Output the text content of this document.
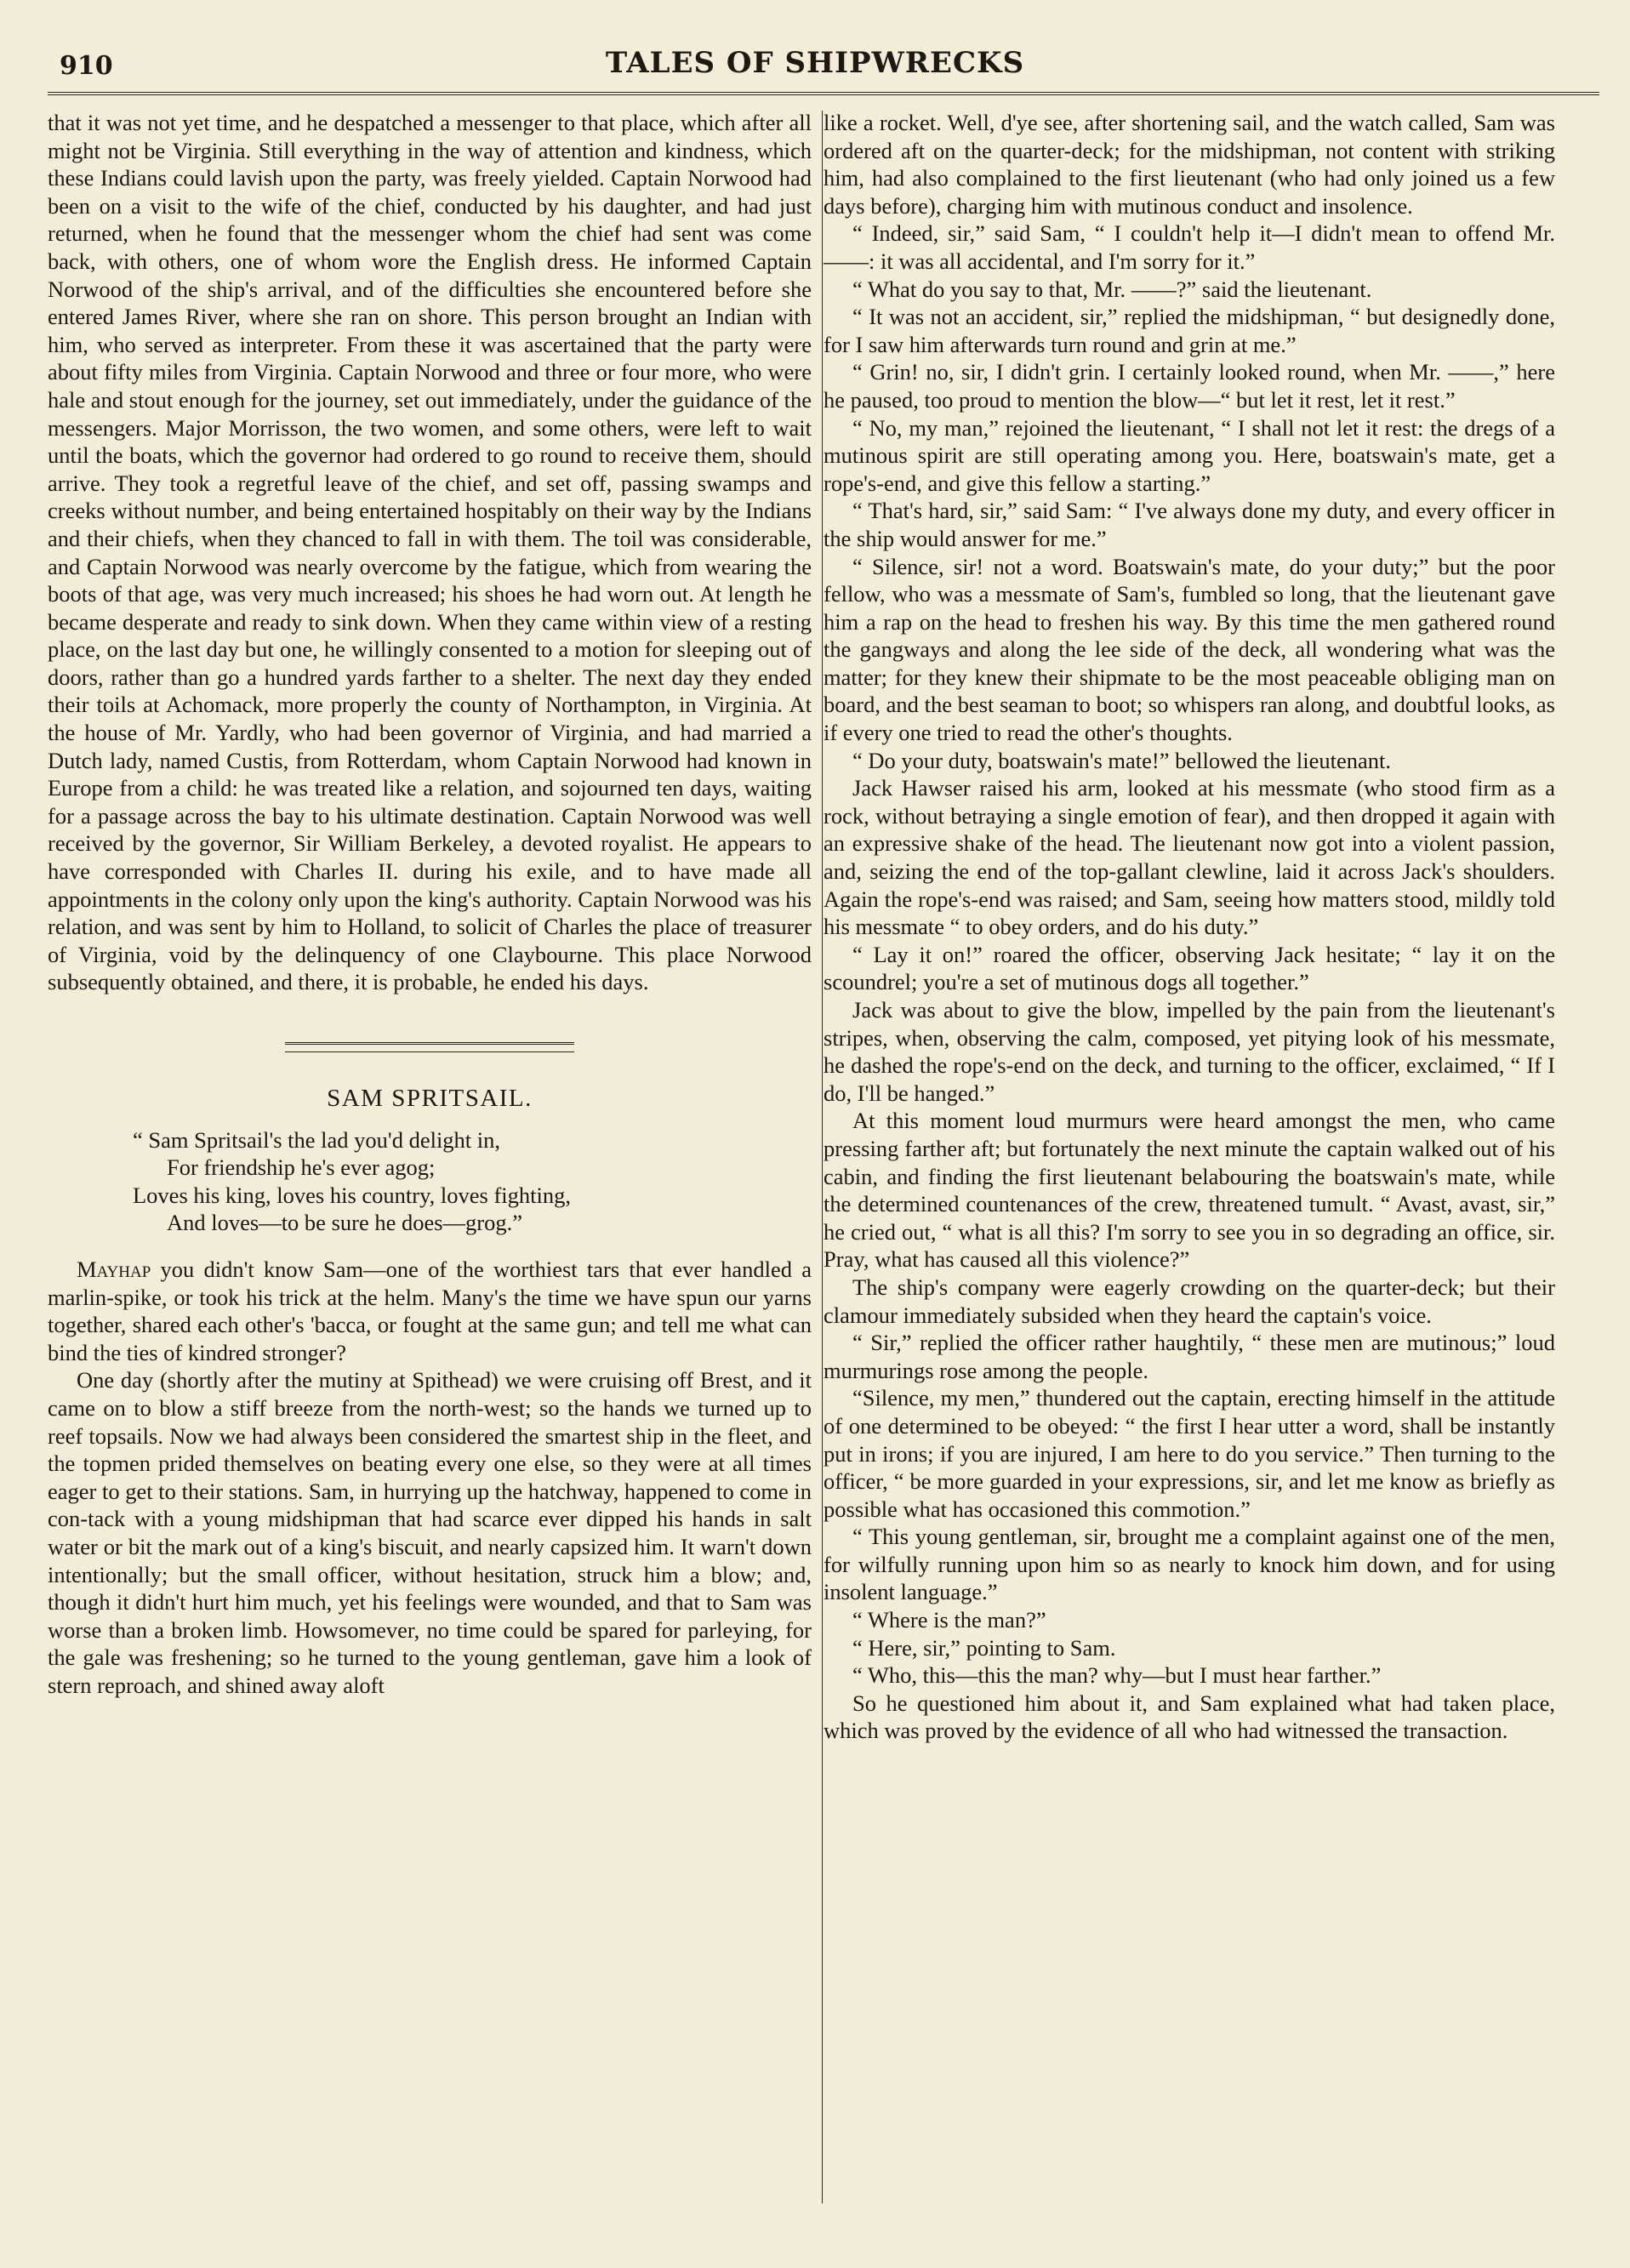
910	TALES OF SHIPWRECKS

that it was not yet time, and he despatched a messenger to that place, which after all might not be Virginia. Still everything in the way of attention and kindness, which these Indians could lavish upon the party, was freely yielded. Captain Norwood had been on a visit to the wife of the chief, conducted by his daughter, and had just returned, when he found that the messenger whom the chief had sent was come back, with others, one of whom wore the English dress. He informed Captain Norwood of the ship's arrival, and of the difficulties she encountered before she entered James River, where she ran on shore. This person brought an Indian with him, who served as interpreter. From these it was ascertained that the party were about fifty miles from Virginia. Captain Norwood and three or four more, who were hale and stout enough for the journey, set out immediately, under the guidance of the messengers. Major Morrisson, the two women, and some others, were left to wait until the boats, which the governor had ordered to go round to receive them, should arrive. They took a regretful leave of the chief, and set off, passing swamps and creeks without number, and being entertained hospitably on their way by the Indians and their chiefs, when they chanced to fall in with them. The toil was considerable, and Captain Norwood was nearly overcome by the fatigue, which from wearing the boots of that age, was very much increased; his shoes he had worn out. At length he became desperate and ready to sink down. When they came within view of a resting place, on the last day but one, he willingly consented to a motion for sleeping out of doors, rather than go a hundred yards farther to a shelter. The next day they ended their toils at Achomack, more properly the county of Northampton, in Virginia. At the house of Mr. Yardly, who had been governor of Virginia, and had married a Dutch lady, named Custis, from Rotterdam, whom Captain Norwood had known in Europe from a child: he was treated like a relation, and sojourned ten days, waiting for a passage across the bay to his ultimate destination. Captain Norwood was well received by the governor, Sir William Berkeley, a devoted royalist. He appears to have corresponded with Charles II. during his exile, and to have made all appointments in the colony only upon the king's authority. Captain Norwood was his relation, and was sent by him to Holland, to solicit of Charles the place of treasurer of Virginia, void by the delinquency of one Claybourne. This place Norwood subsequently obtained, and there, it is probable, he ended his days.

SAM SPRITSAIL.
“ Sam Spritsail's the lad you'd delight in,
For friendship he's ever agog;
Loves his king, loves his country, loves fighting,
And loves—to be sure he does—grog.”

Mayhap you didn't know Sam—one of the worthiest tars that ever handled a marlin-spike, or took his trick at the helm. Many's the time we have spun our yarns together, shared each other's 'bacca, or fought at the same gun; and tell me what can bind the ties of kindred stronger?

One day (shortly after the mutiny at Spithead) we were cruising off Brest, and it came on to blow a stiff breeze from the north-west; so the hands we turned up to reef topsails. Now we had always been considered the smartest ship in the fleet, and the topmen prided themselves on beating every one else, so they were at all times eager to get to their stations. Sam, in hurrying up the hatchway, happened to come in con-tack with a young midshipman that had scarce ever dipped his hands in salt water or bit the mark out of a king's biscuit, and nearly capsized him. It warn't down intentionally; but the small officer, without hesitation, struck him a blow; and, though it didn't hurt him much, yet his feelings were wounded, and that to Sam was worse than a broken limb. Howsomever, no time could be spared for parleying, for the gale was freshening; so he turned to the young gentleman, gave him a look of stern reproach, and shined away aloft

like a rocket. Well, d'ye see, after shortening sail, and the watch called, Sam was ordered aft on the quarter-deck; for the midshipman, not content with striking him, had also complained to the first lieutenant (who had only joined us a few days before), charging him with mutinous conduct and insolence.

“ Indeed, sir,” said Sam, “ I couldn't help it—I didn't mean to offend Mr. ——: it was all accidental, and I'm sorry for it.”

“ What do you say to that, Mr. ——?” said the lieutenant.

“ It was not an accident, sir,” replied the midshipman, “ but designedly done, for I saw him afterwards turn round and grin at me.”

“ Grin! no, sir, I didn't grin. I certainly looked round, when Mr. ——,” here he paused, too proud to mention the blow—“ but let it rest, let it rest.”

“ No, my man,” rejoined the lieutenant, “ I shall not let it rest: the dregs of a mutinous spirit are still operating among you. Here, boatswain's mate, get a rope's-end, and give this fellow a starting.”

“ That's hard, sir,” said Sam: “ I've always done my duty, and every officer in the ship would answer for me.”

“ Silence, sir! not a word. Boatswain's mate, do your duty;” but the poor fellow, who was a messmate of Sam's, fumbled so long, that the lieutenant gave him a rap on the head to freshen his way. By this time the men gathered round the gangways and along the lee side of the deck, all wondering what was the matter; for they knew their shipmate to be the most peaceable obliging man on board, and the best seaman to boot; so whispers ran along, and doubtful looks, as if every one tried to read the other's thoughts.

“ Do your duty, boatswain's mate!” bellowed the lieutenant.

Jack Hawser raised his arm, looked at his messmate (who stood firm as a rock, without betraying a single emotion of fear), and then dropped it again with an expressive shake of the head. The lieutenant now got into a violent passion, and, seizing the end of the top-gallant clewline, laid it across Jack's shoulders. Again the rope's-end was raised; and Sam, seeing how matters stood, mildly told his messmate “ to obey orders, and do his duty.”

“ Lay it on!” roared the officer, observing Jack hesitate; “ lay it on the scoundrel; you're a set of mutinous dogs all together.”

Jack was about to give the blow, impelled by the pain from the lieutenant's stripes, when, observing the calm, composed, yet pitying look of his messmate, he dashed the rope's-end on the deck, and turning to the officer, exclaimed, “ If I do, I'll be hanged.”

At this moment loud murmurs were heard amongst the men, who came pressing farther aft; but fortunately the next minute the captain walked out of his cabin, and finding the first lieutenant belabouring the boatswain's mate, while the determined countenances of the crew, threatened tumult. “ Avast, avast, sir,” he cried out, “ what is all this? I'm sorry to see you in so degrading an office, sir. Pray, what has caused all this violence?”

The ship's company were eagerly crowding on the quarter-deck; but their clamour immediately subsided when they heard the captain's voice.

“ Sir,” replied the officer rather haughtily, “ these men are mutinous;” loud murmurings rose among the people.

“Silence, my men,” thundered out the captain, erecting himself in the attitude of one determined to be obeyed: “ the first I hear utter a word, shall be instantly put in irons; if you are injured, I am here to do you service.” Then turning to the officer, “ be more guarded in your expressions, sir, and let me know as briefly as possible what has occasioned this commotion.”

“ This young gentleman, sir, brought me a complaint against one of the men, for wilfully running upon him so as nearly to knock him down, and for using insolent language.”

“ Where is the man?”

“ Here, sir,” pointing to Sam.

“ Who, this—this the man? why—but I must hear farther.”

So he questioned him about it, and Sam explained what had taken place, which was proved by the evidence of all who had witnessed the transaction.
